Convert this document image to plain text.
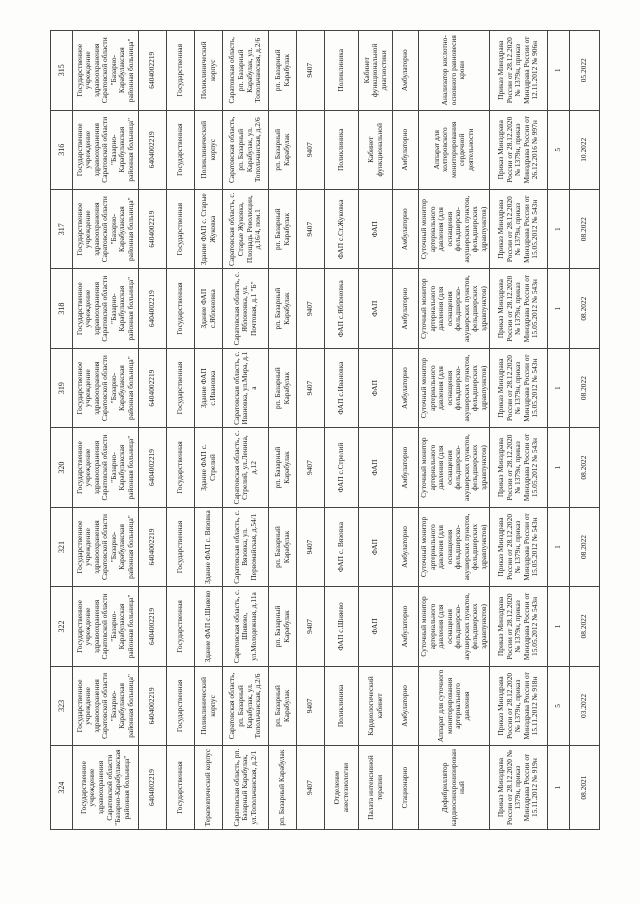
324	323	322	321	320	319	318	317	316	315
Государственное учреждение здравоохранения Саратовской области "Базарно-Карабулакская районная больница"	Государственное учреждение здравоохранения Саратовской области "Базарно-Карабулакская районная больница"	Государственное учреждение здравоохранения Саратовской области "Базарно-Карабулакская районная больница"	Государственное учреждение здравоохранения Саратовской области "Базарно-Карабулакская районная больница"	Государственное учреждение здравоохранения Саратовской области "Базарно-Карабулакская районная больница"	Государственное учреждение здравоохранения Саратовской области "Базарно-Карабулакская районная больница"	Государственное учреждение здравоохранения Саратовской области "Базарно-Карабулакская районная больница"	Государственное учреждение здравоохранения Саратовской области "Базарно-Карабулакская районная больница"	Государственное учреждение здравоохранения Саратовской области "Базарно-Карабулакская районная больница"	Государственное учреждение здравоохранения Саратовской области "Базарно-Карабулакская районная больница"
6404002219	6404002219	6404002219	6404002219	6404002219	6404002219	6404002219	6404002219	6404002219	6404002219
Государственная	Государственная	Государственная	Государственная	Государственная	Государственная	Государственная	Государственная	Государственная	Государственная
Терапевтический корпус	Поликлинический корпус	Здание ФАП с.Шняево	Здание ФАП с. Вязовка	Здание ФАП с. Стрелий	Здание ФАП с.Ивановка	Здание ФАП с.Яблоновка	Здание ФАП с. Старые Жуковка	Поликлинический корпус	Поликлинический корпус
Саратовская область, рп. Базарный Карабулак, ул.Топольчанская, д.2/1	Саратовская область, рп. Базарный Карабулак, ул. Топольчанская, д.2/6	Саратовская область, с. Шняево, ул.Молодежная, д.11а	Саратовская область, с. Вязовка, ул. Первомайская, д.54/1	Саратовская область, с. Стрелий, ул.Ленина, д.12	Саратовская область, с. Ивановка, ул.Мира, д.1 а	Саратовская область, с. Яблоновка, ул. Почтовая, д.1 "Б"	Саратовская область, с. Старые Жуковка, Площадь Революции, д.16/4, пом.1	Саратовская область, рп. Базарный Карабулак, ул. Топольчанская, д.2/6	Саратовская область, рп. Базарный Карабулак, ул. Топольчанская, д.2/6
рп. Базарный Карабулак	рп. Базарный Карабулак	рп. Базарный Карабулак	рп. Базарный Карабулак	рп. Базарный Карабулак	рп. Базарный Карабулак	рп. Базарный Карабулак	рп. Базарный Карабулак	рп. Базарный Карабулак	рп. Базарный Карабулак
9407	9407	9407	9407	9407	9407	9407	9407	9407	9407
Отделение анестезиологии	Поликлиника	ФАП с.Шняево	ФАП с. Вязовка	ФАП с.Стрелий	ФАП с.Ивановка	ФАП с.Яблоновка	ФАП с.Ст.Жуковка	Поликлиника	Поликлиника
Палата интенсивной терапии	Кардиологический кабинет	ФАП	ФАП	ФАП	ФАП	ФАП	ФАП	Кабинет функциональной	Кабинет функциональной диагностики
Стационарно	Амбулаторно	Амбулаторно	Амбулаторно	Амбулаторно	Амбулаторно	Амбулаторно	Амбулаторно	Амбулаторно	Амбулаторно
Дефибриллятор кардиосинхронизированный	Аппарат для суточного мониторирования артериального давления	Суточный монитор артериального давления (для оснащения фельдшерско-акушерских пунктов, фельдшерских здравпунктов)	Суточный монитор артериального давления (для оснащения фельдшерско-акушерских пунктов, фельдшерских здравпунктов)	Суточный монитор артериального давления (для оснащения фельдшерско-акушерских пунктов, фельдшерских здравпунктов)	Суточный монитор артериального давления (для оснащения фельдшерско-акушерских пунктов, фельдшерских здравпунктов)	Суточный монитор артериального давления (для оснащения фельдшерско-акушерских пунктов, фельдшерских здравпунктов)	Суточный монитор артериального давления (для оснащения фельдшерско-акушерских пунктов, фельдшерских здравпунктов)	Аппарат для холтеровского мониторирования сердечной деятельности	Анализатор кислотно-основного равновесия крови
Приказ Минздрава России от 28.12.2020 № 1379н, приказ Минздрава России от 15.11.2012 № 919н	Приказ Минздрава России от 28.12.2020 № 1379н, приказ Минздрава России от 15.11.2012 № 918н	Приказ Минздрава России от 28.12.2020 № 1379н, приказ Минздрава России от 15.05.2012 № 543н	Приказ Минздрава России от 28.12.2020 № 1379н, приказ Минздрава России от 15.05.2012 № 543н	Приказ Минздрава России от 28.12.2020 № 1379н, приказ Минздрава России от 15.05.2012 № 543н	Приказ Минздрава России от 28.12.2020 № 1379н, приказ Минздрава России от 15.05.2012 № 543н	Приказ Минздрава России от 28.12.2020 № 1379н, приказ Минздрава России от 15.05.2012 № 543н	Приказ Минздрава России от 28.12.2020 № 1379н, приказ Минздрава России от 15.05.2012 № 543н	Приказ Минздрава России от 28.12.2020 № 1379н, приказ Минздрава России от 26.12.2016 № 997н	Приказ Минздрава России от 28.12.2020 № 1379н, приказ Минздрава России от 12.11.2012 № 906н
1	5	1	1	1	1	1	1	5	1
08.2021	03.2022	08.2022	08.2022	08.2022	08.2022	08.2022	08.2022	10.2022	05.2022
